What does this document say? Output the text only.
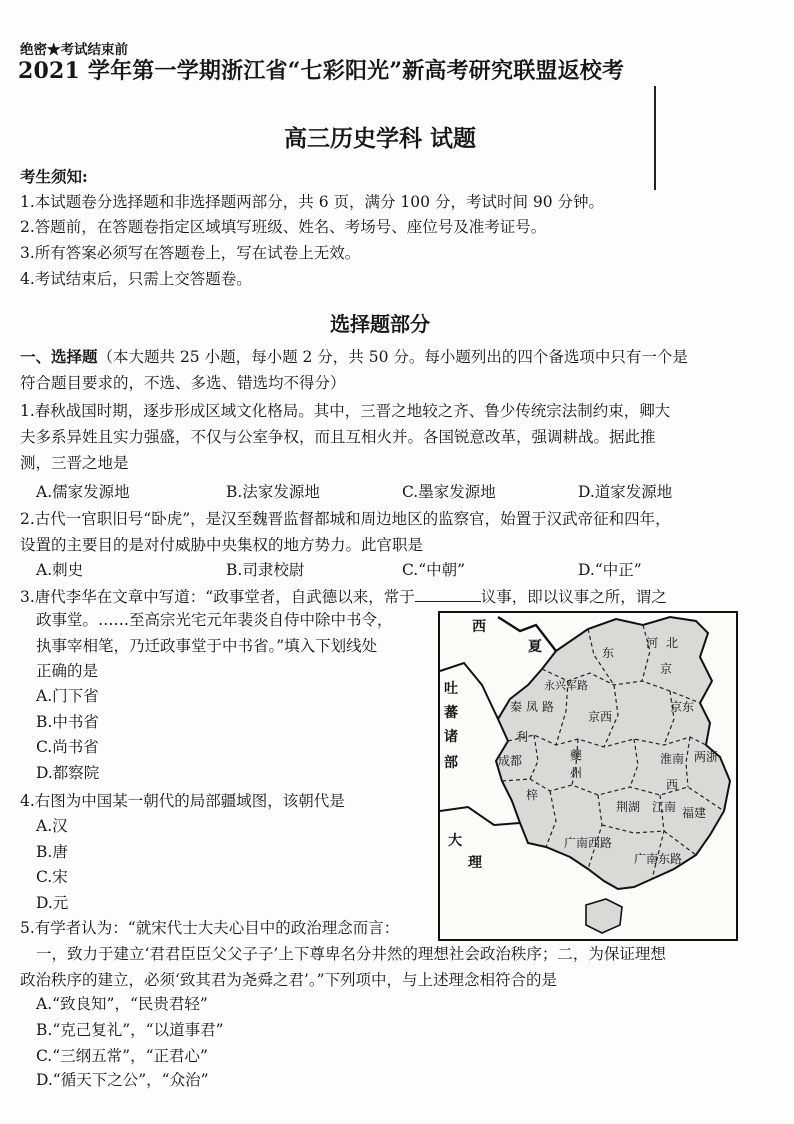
绝密★考试结束前
2021 学年第一学期浙江省“七彩阳光”新高考研究联盟返校考
高三历史学科 试题
考生须知:
1.本试题卷分选择题和非选择题两部分，共 6 页，满分 100 分，考试时间 90 分钟。
2.答题前，在答题卷指定区域填写班级、姓名、考场号、座位号及准考证号。
3.所有答案必须写在答题卷上，写在试卷上无效。
4.考试结束后，只需上交答题卷。
选择题部分
一、选择题（本大题共 25 小题，每小题 2 分，共 50 分。每小题列出的四个备选项中只有一个是
符合题目要求的，不选、多选、错选均不得分）
1.春秋战国时期，逐步形成区域文化格局。其中，三晋之地较之齐、鲁少传统宗法制约束，卿大
夫多系异姓且实力强盛，不仅与公室争权，而且互相火并。各国锐意改革，强调耕战。据此推
测，三晋之地是
A.儒家发源地	B.法家发源地	C.墨家发源地	D.道家发源地
2.古代一官职旧号“卧虎”，是汉至魏晋监督都城和周边地区的监察官，始置于汉武帝征和四年，
设置的主要目的是对付威胁中央集权的地方势力。此官职是
A.刺史	B.司隶校尉	C.“中朝”	D.“中正”
3.唐代李华在文章中写道：“政事堂者，自武德以来，常于	议事，即以议事之所，谓之
政事堂。……至高宗光宅元年裴炎自侍中除中书令，
执事宰相笔，乃迁政事堂于中书省。”填入下划线处
正确的是
A.门下省
B.中书省
C.尚书省
D.都察院
4.右图为中国某一朝代的局部疆域图，该朝代是
A.汉
B.唐
C.宋
D.元
5.有学者认为：“就宋代士大夫心目中的政治理念而言：
一，致力于建立‘君君臣臣父父子子’上下尊卑名分井然的理想社会政治秩序；二，为保证理想
政治秩序的建立，必须‘致其君为尧舜之君’。”下列项中，与上述理念相符合的是
A.“致良知”，“民贵君轻”
B.“克己复礼”，“以道事君”
C.“三纲五常”，“正君心”
D.“循天下之公”，“众治”
西
夏
吐
蕃
诸
部
大
理
河 北
东
永兴军路
京
秦 凤 路
京西
京东
淮南
成都
利
梓
夔
州
荆湖 江南
两浙
福建
广南东路
广南西路
西
